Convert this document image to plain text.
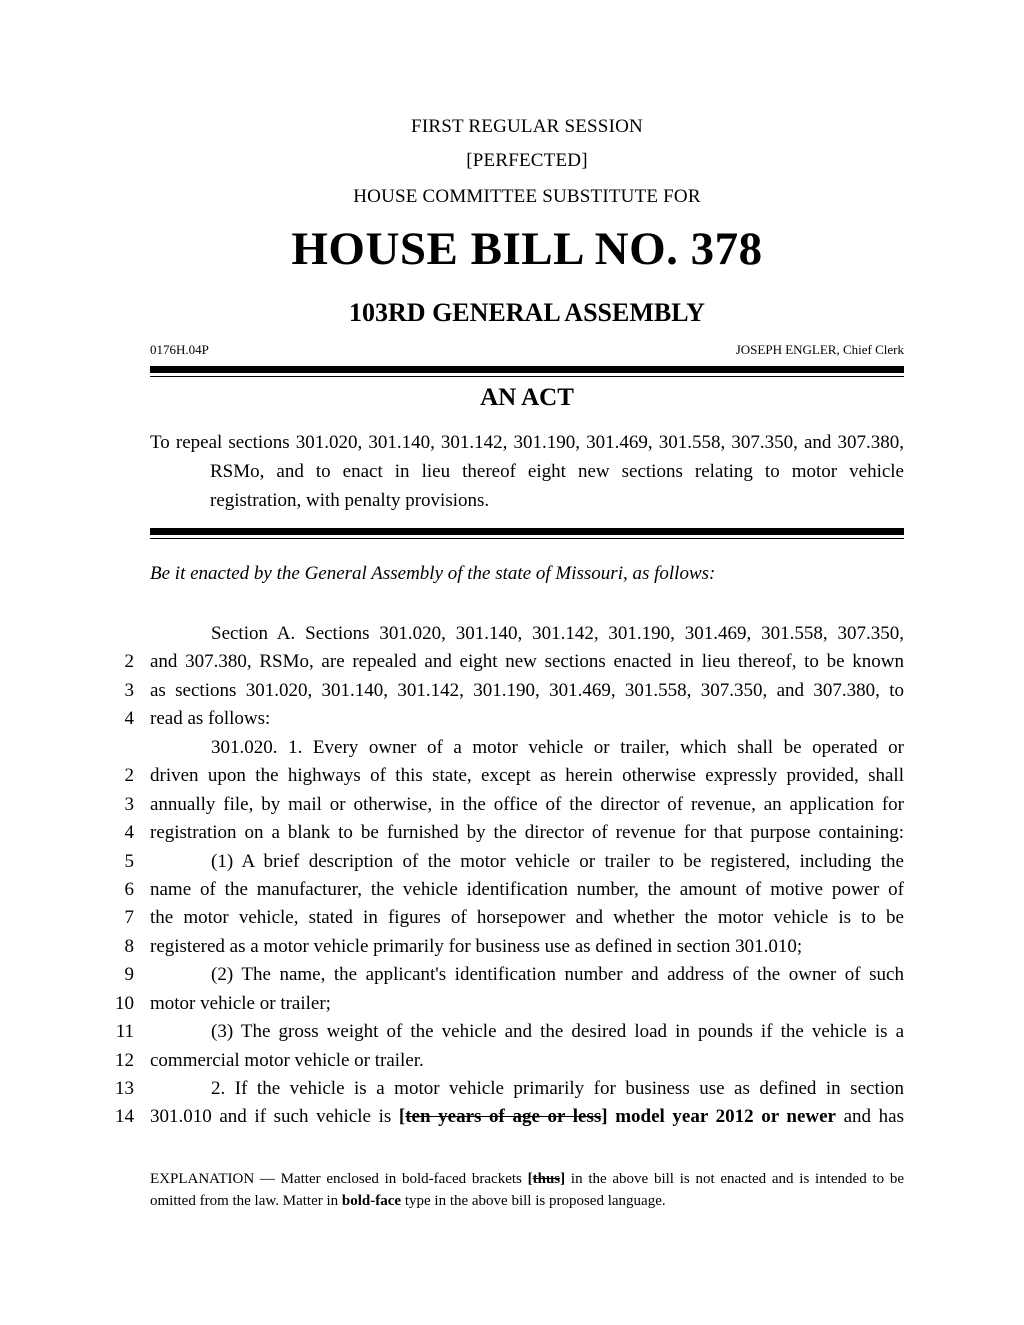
FIRST REGULAR SESSION
[PERFECTED]
HOUSE COMMITTEE SUBSTITUTE FOR
HOUSE BILL NO. 378
103RD GENERAL ASSEMBLY
0176H.04P	JOSEPH ENGLER, Chief Clerk
AN ACT
To repeal sections 301.020, 301.140, 301.142, 301.190, 301.469, 301.558, 307.350, and 307.380, RSMo, and to enact in lieu thereof eight new sections relating to motor vehicle registration, with penalty provisions.
Be it enacted by the General Assembly of the state of Missouri, as follows:
Section A. Sections 301.020, 301.140, 301.142, 301.190, 301.469, 301.558, 307.350,
2 and 307.380, RSMo, are repealed and eight new sections enacted in lieu thereof, to be known
3 as sections 301.020, 301.140, 301.142, 301.190, 301.469, 301.558, 307.350, and 307.380, to
4 read as follows:
301.020. 1. Every owner of a motor vehicle or trailer, which shall be operated or
2 driven upon the highways of this state, except as herein otherwise expressly provided, shall
3 annually file, by mail or otherwise, in the office of the director of revenue, an application for
4 registration on a blank to be furnished by the director of revenue for that purpose containing:
5	(1) A brief description of the motor vehicle or trailer to be registered, including the
6 name of the manufacturer, the vehicle identification number, the amount of motive power of
7 the motor vehicle, stated in figures of horsepower and whether the motor vehicle is to be
8 registered as a motor vehicle primarily for business use as defined in section 301.010;
9	(2) The name, the applicant's identification number and address of the owner of such
10 motor vehicle or trailer;
11	(3) The gross weight of the vehicle and the desired load in pounds if the vehicle is a
12 commercial motor vehicle or trailer.
13	2. If the vehicle is a motor vehicle primarily for business use as defined in section
14 301.010 and if such vehicle is [ten years of age or less] model year 2012 or newer and has
EXPLANATION — Matter enclosed in bold-faced brackets [thus] in the above bill is not enacted and is intended to be omitted from the law. Matter in bold-face type in the above bill is proposed language.
